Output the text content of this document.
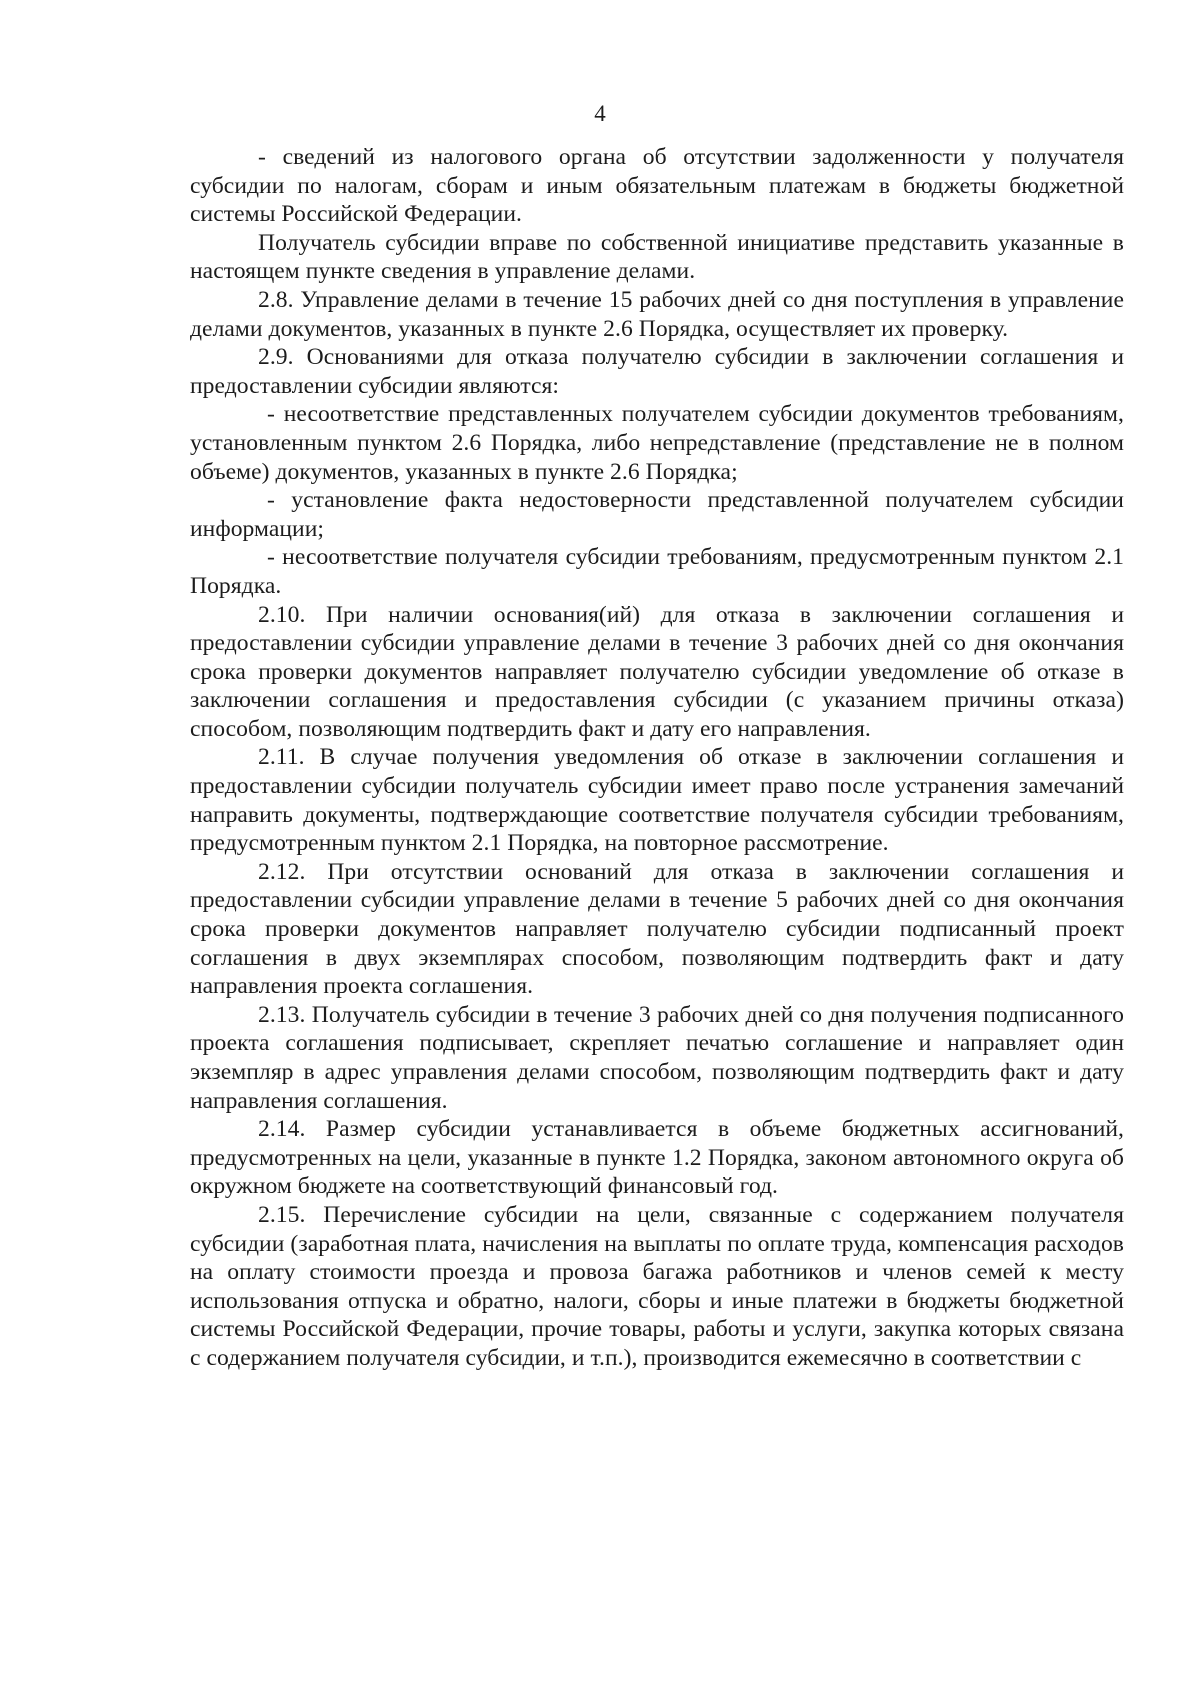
4

- сведений из налогового органа об отсутствии задолженности у получателя субсидии по налогам, сборам и иным обязательным платежам в бюджеты бюджетной системы Российской Федерации.

Получатель субсидии вправе по собственной инициативе представить указанные в настоящем пункте сведения в управление делами.

2.8. Управление делами в течение 15 рабочих дней со дня поступления в управление делами документов, указанных в пункте 2.6 Порядка, осуществляет их проверку.

2.9. Основаниями для отказа получателю субсидии в заключении соглашения и предоставлении субсидии являются:

- несоответствие представленных получателем субсидии документов требованиям, установленным пунктом 2.6 Порядка, либо непредставление (представление не в полном объеме) документов, указанных в пункте 2.6 Порядка;

- установление факта недостоверности представленной получателем субсидии информации;

- несоответствие получателя субсидии требованиям, предусмотренным пунктом 2.1 Порядка.

2.10. При наличии основания(ий) для отказа в заключении соглашения и предоставлении субсидии управление делами в течение 3 рабочих дней со дня окончания срока проверки документов направляет получателю субсидии уведомление об отказе в заключении соглашения и предоставления субсидии (с указанием причины отказа) способом, позволяющим подтвердить факт и дату его направления.

2.11. В случае получения уведомления об отказе в заключении соглашения и предоставлении субсидии получатель субсидии имеет право после устранения замечаний направить документы, подтверждающие соответствие получателя субсидии требованиям, предусмотренным пунктом 2.1 Порядка, на повторное рассмотрение.

2.12. При отсутствии оснований для отказа в заключении соглашения и предоставлении субсидии управление делами в течение 5 рабочих дней со дня окончания срока проверки документов направляет получателю субсидии подписанный проект соглашения в двух экземплярах способом, позволяющим подтвердить факт и дату направления проекта соглашения.

2.13. Получатель субсидии в течение 3 рабочих дней со дня получения подписанного проекта соглашения подписывает, скрепляет печатью соглашение и направляет один экземпляр в адрес управления делами способом, позволяющим подтвердить факт и дату направления соглашения.

2.14. Размер субсидии устанавливается в объеме бюджетных ассигнований, предусмотренных на цели, указанные в пункте 1.2 Порядка, законом автономного округа об окружном бюджете на соответствующий финансовый год.

2.15. Перечисление субсидии на цели, связанные с содержанием получателя субсидии (заработная плата, начисления на выплаты по оплате труда, компенсация расходов на оплату стоимости проезда и провоза багажа работников и членов семей к месту использования отпуска и обратно, налоги, сборы и иные платежи в бюджеты бюджетной системы Российской Федерации, прочие товары, работы и услуги, закупка которых связана с содержанием получателя субсидии, и т.п.), производится ежемесячно в соответствии с
